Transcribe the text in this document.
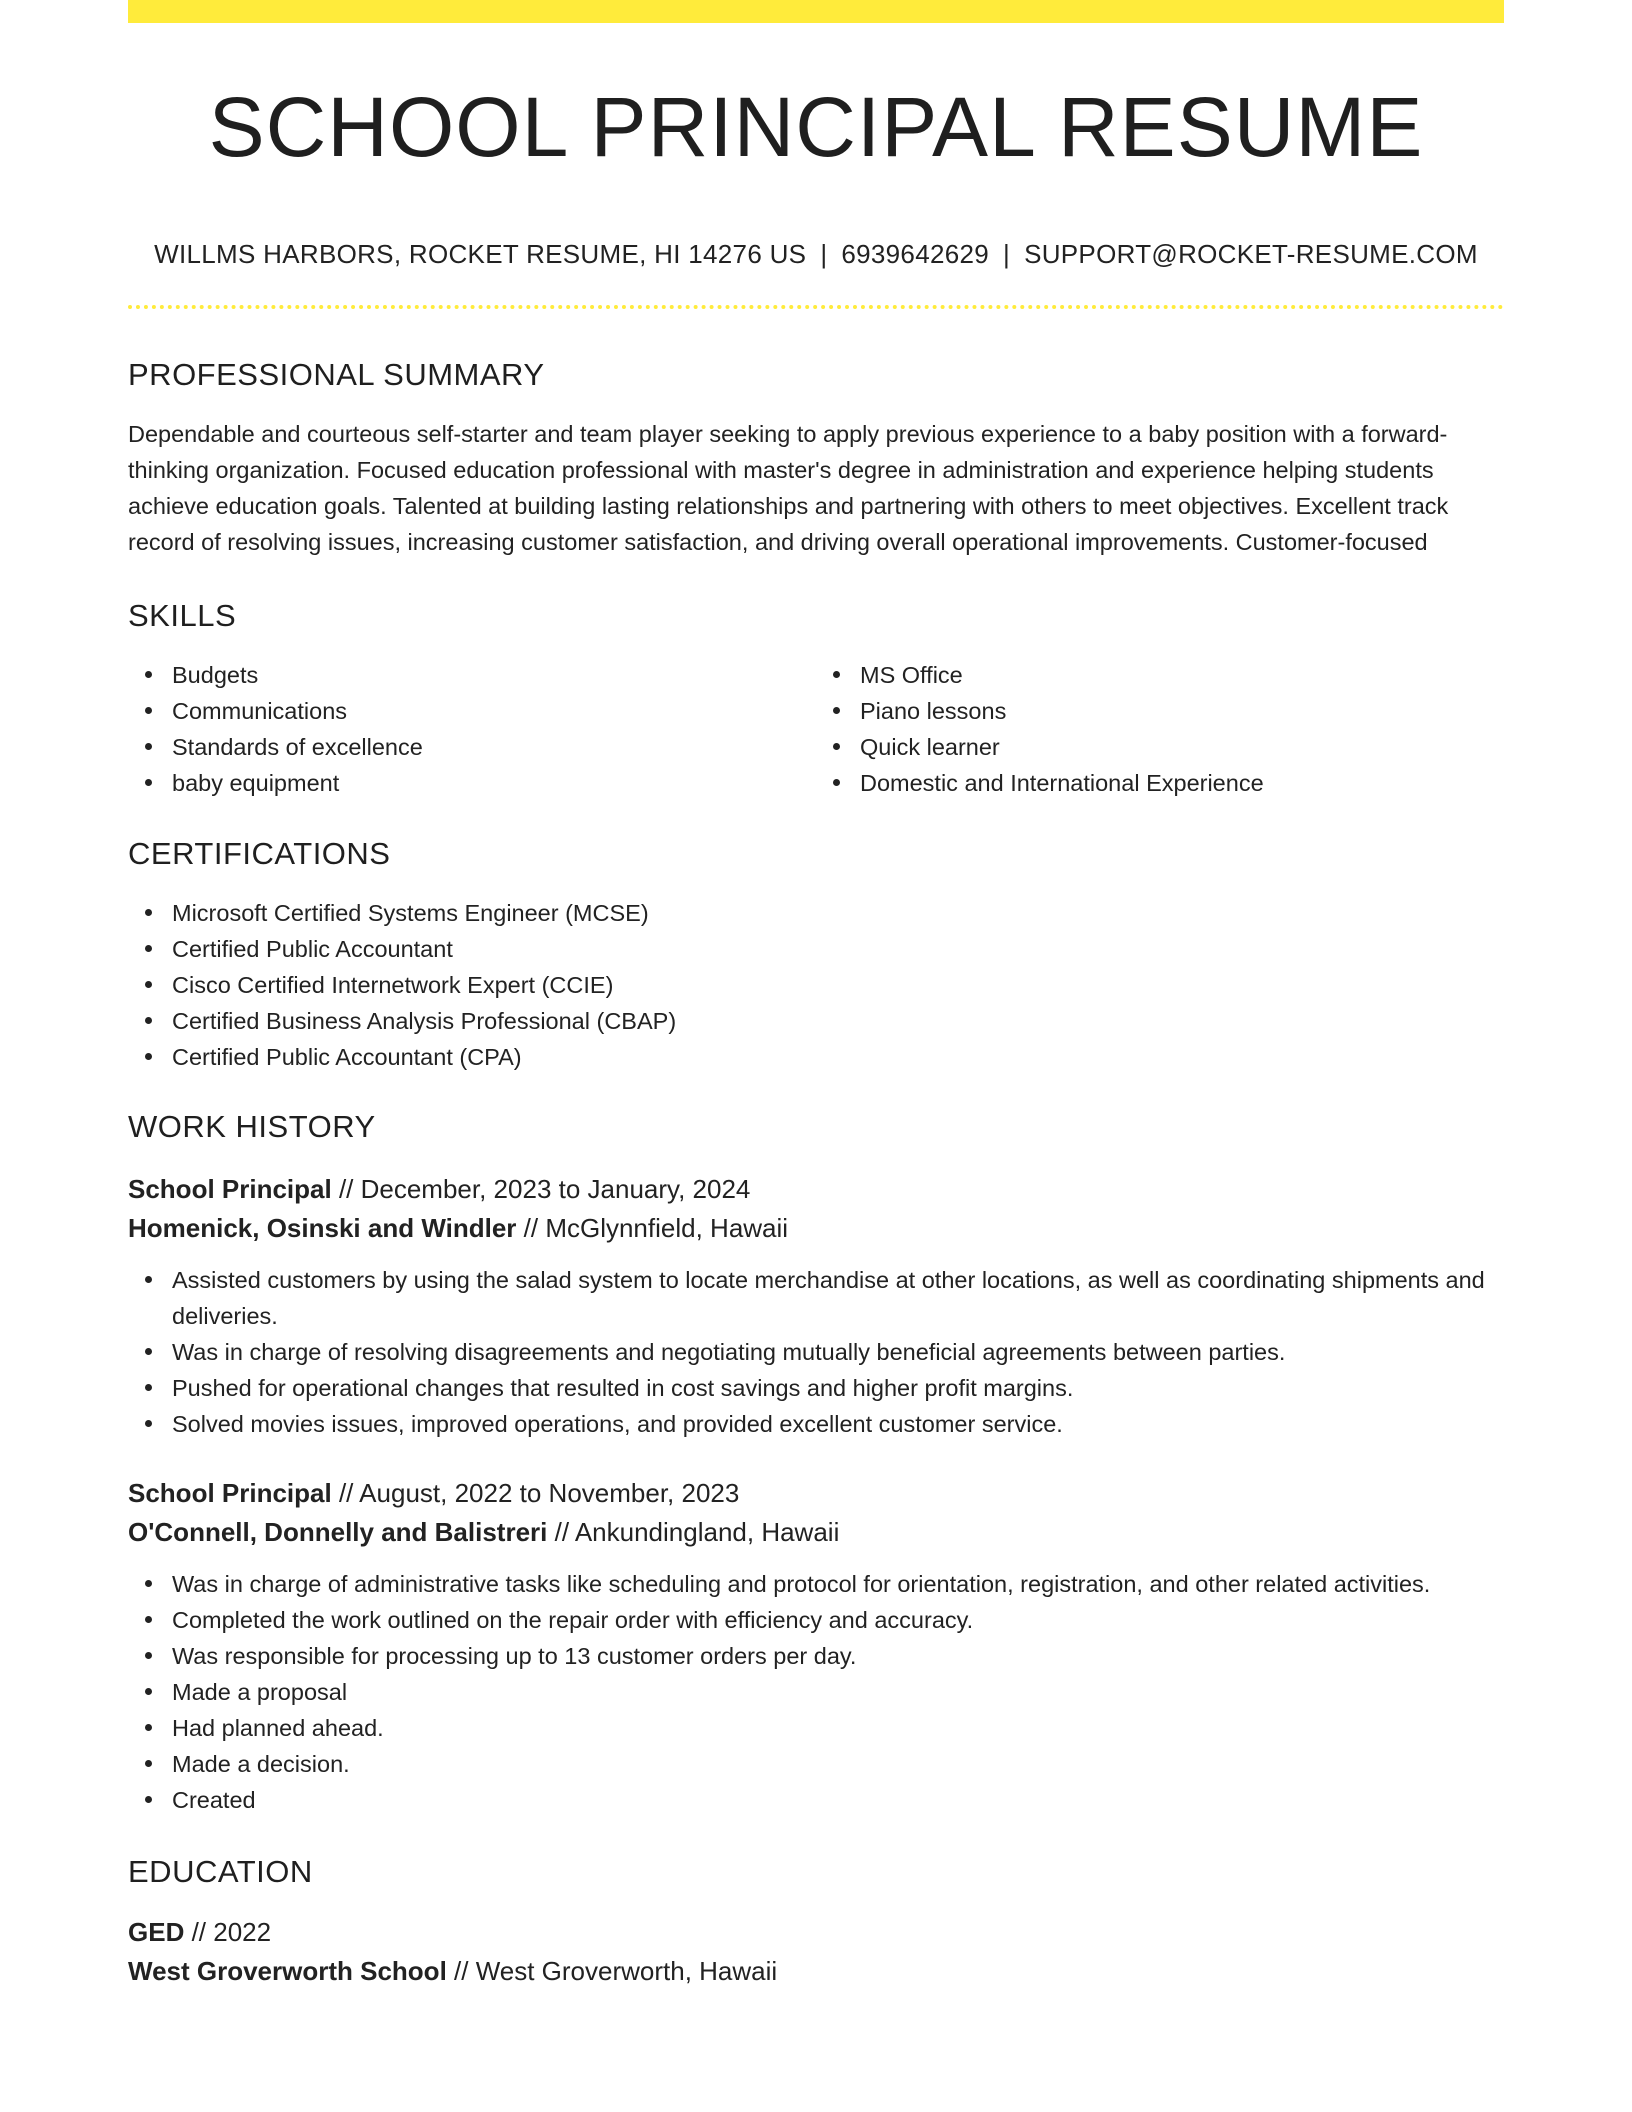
SCHOOL PRINCIPAL RESUME
WILLMS HARBORS, ROCKET RESUME, HI 14276 US | 6939642629 | SUPPORT@ROCKET-RESUME.COM
PROFESSIONAL SUMMARY

Dependable and courteous self-starter and team player seeking to apply previous experience to a baby position with a forward-thinking organization. Focused education professional with master's degree in administration and experience helping students achieve education goals. Talented at building lasting relationships and partnering with others to meet objectives. Excellent track record of resolving issues, increasing customer satisfaction, and driving overall operational improvements. Customer-focused

SKILLS
Budgets
Communications
Standards of excellence
baby equipment
MS Office
Piano lessons
Quick learner
Domestic and International Experience
CERTIFICATIONS
Microsoft Certified Systems Engineer (MCSE)
Certified Public Accountant
Cisco Certified Internetwork Expert (CCIE)
Certified Business Analysis Professional (CBAP)
Certified Public Accountant (CPA)
WORK HISTORY
School Principal // December, 2023 to January, 2024
Homenick, Osinski and Windler // McGlynnfield, Hawaii
Assisted customers by using the salad system to locate merchandise at other locations, as well as coordinating shipments and deliveries.
Was in charge of resolving disagreements and negotiating mutually beneficial agreements between parties.
Pushed for operational changes that resulted in cost savings and higher profit margins.
Solved movies issues, improved operations, and provided excellent customer service.
School Principal // August, 2022 to November, 2023
O'Connell, Donnelly and Balistreri // Ankundingland, Hawaii
Was in charge of administrative tasks like scheduling and protocol for orientation, registration, and other related activities.
Completed the work outlined on the repair order with efficiency and accuracy.
Was responsible for processing up to 13 customer orders per day.
Made a proposal
Had planned ahead.
Made a decision.
Created
EDUCATION
GED // 2022
West Groverworth School // West Groverworth, Hawaii
